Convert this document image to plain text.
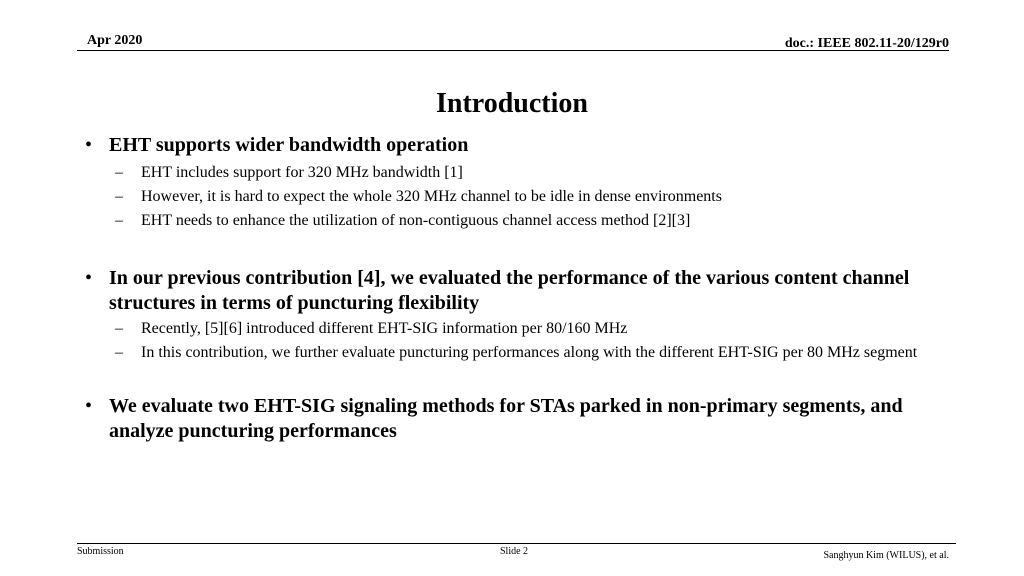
Apr 2020	doc.: IEEE 802.11-20/129r0
Introduction
• EHT supports wider bandwidth operation
– EHT includes support for 320 MHz bandwidth [1]
– However, it is hard to expect the whole 320 MHz channel to be idle in dense environments
– EHT needs to enhance the utilization of non-contiguous channel access method [2][3]
• In our previous contribution [4], we evaluated the performance of the various content channel structures in terms of puncturing flexibility
– Recently, [5][6] introduced different EHT-SIG information per 80/160 MHz
– In this contribution, we further evaluate puncturing performances along with the different EHT-SIG per 80 MHz segment
• We evaluate two EHT-SIG signaling methods for STAs parked in non-primary segments, and analyze puncturing performances
Submission	Slide 2	Sanghyun Kim (WILUS), et al.
